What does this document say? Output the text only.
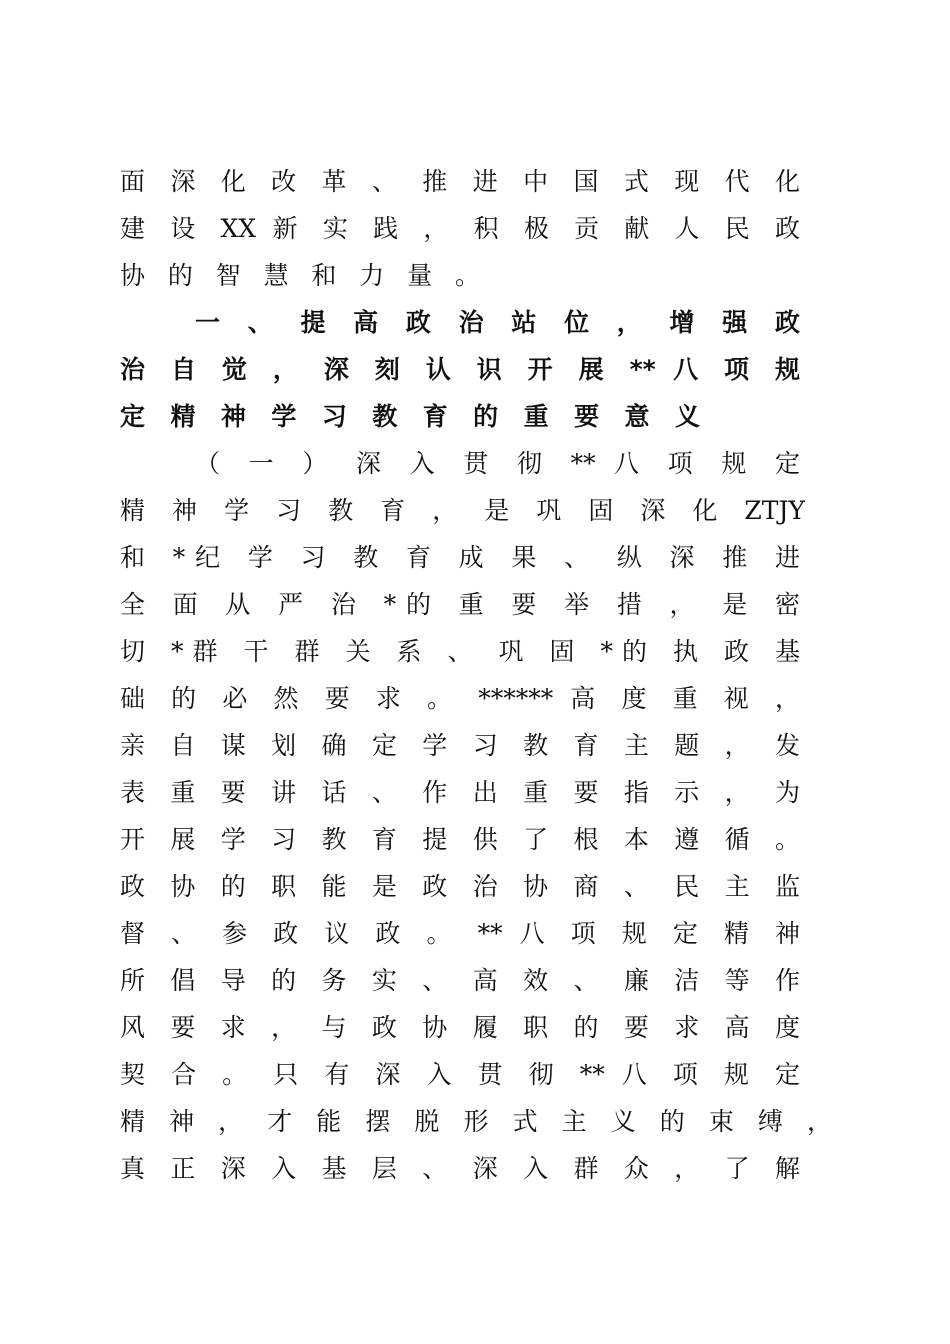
面 深 化 改 革 、 推 进 中 国 式 现 代 化
建 设 XX 新 实 践 ， 积 极 贡 献 人 民 政
协 的 智 慧 和 力 量 。
一 、 提 高 政 治 站 位 ， 增 强 政
治 自 觉 ， 深 刻 认 识 开 展 ** 八 项 规
定 精 神 学 习 教 育 的 重 要 意 义
（ 一 ） 深 入 贯 彻 ** 八 项 规 定
精 神 学 习 教 育 ， 是 巩 固 深 化 ZTJY
和 *纪 学 习 教 育 成 果 、 纵 深 推 进
全 面 从 严 治 *的 重 要 举 措 ， 是 密
切 *群 干 群 关 系 、 巩 固 *的 执 政 基
础 的 必 然 要 求 。 ****** 高 度 重 视 ，
亲 自 谋 划 确 定 学 习 教 育 主 题 ， 发
表 重 要 讲 话 、 作 出 重 要 指 示 ， 为
开 展 学 习 教 育 提 供 了 根 本 遵 循 。
政 协 的 职 能 是 政 治 协 商 、 民 主 监
督 、 参 政 议 政 。 ** 八 项 规 定 精 神
所 倡 导 的 务 实 、 高 效 、 廉 洁 等 作
风 要 求 ， 与 政 协 履 职 的 要 求 高 度
契 合 。 只 有 深 入 贯 彻 ** 八 项 规 定
精 神 ， 才 能 摆 脱 形 式 主 义 的 束 缚 ，
真 正 深 入 基 层 、 深 入 群 众 ， 了 解
